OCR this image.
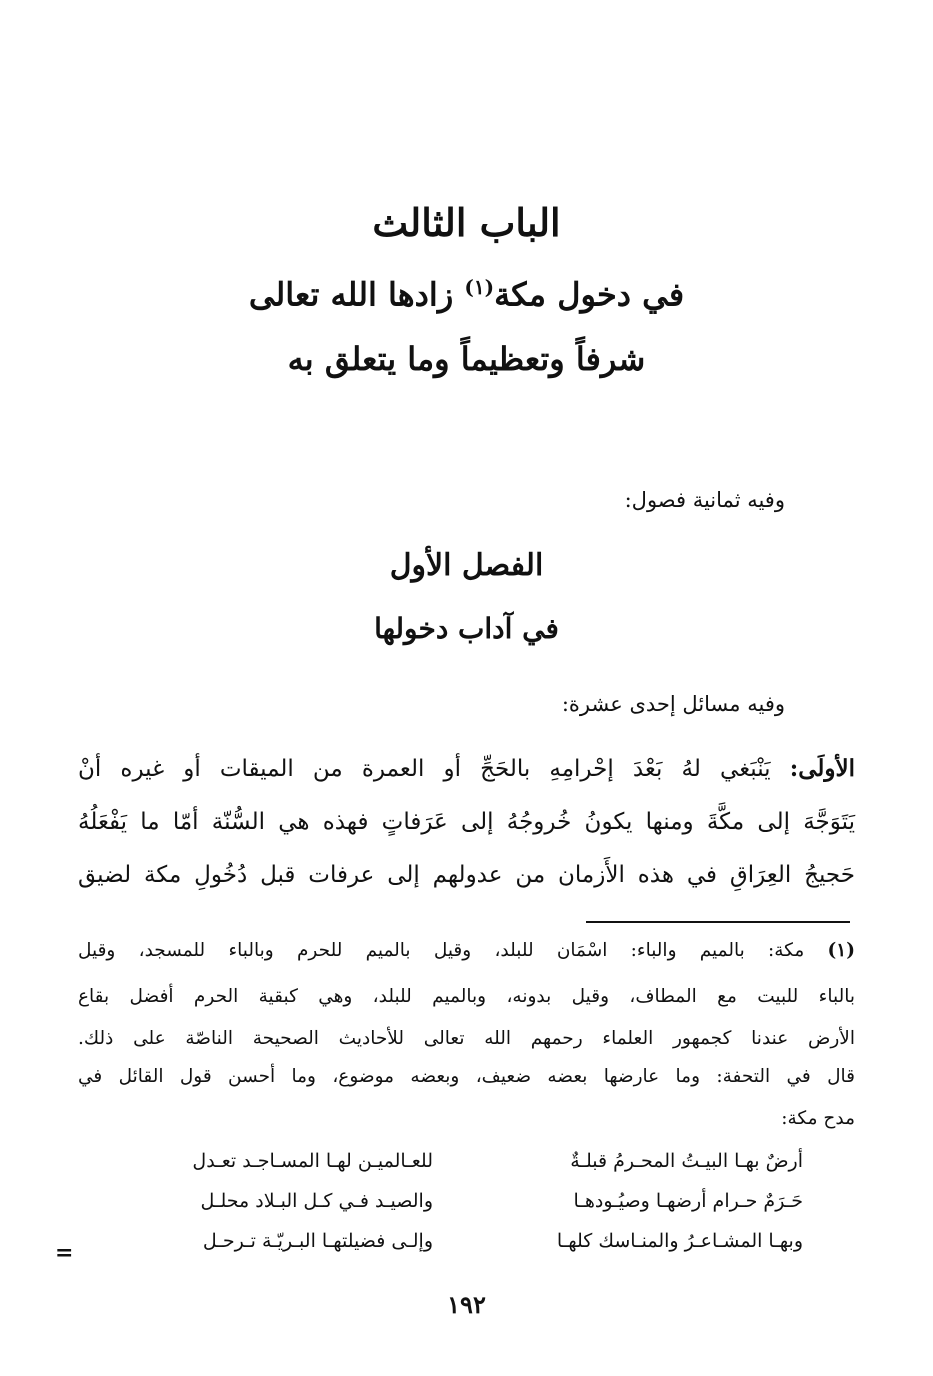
الباب الثالث
في دخول مكة$^{(١)}$ زادها الله تعالى
شرفاً وتعظيماً وما يتعلق به
وفيه ثمانية فصول:
الفصل الأول
في آداب دخولها
وفيه مسائل إحدى عشرة:
الأولَى: يَنْبَغي لهُ بَعْدَ إحْرامِهِ بالحَجِّ أو العمرة من الميقات أو غيره أنْ
يَتَوَجَّهَ إلى مكَّةَ ومنها يكونُ خُروجُهُ إلى عَرَفاتٍ فهذه هي السُّنّة أمّا ما يَفْعَلُهُ
حَجيجُ العِرَاقِ في هذه الأَزمان من عدولهم إلى عرفات قبل دُخُولِ مكة لضيق
(١) مكة: بالميم والباء: اسْمَان للبلد، وقيل بالميم للحرم وبالباء للمسجد، وقيل
بالباء للبيت مع المطاف، وقيل بدونه، وبالميم للبلد، وهي كبقية الحرم أفضل بقاع
الأرض عندنا كجمهور العلماء رحمهم الله تعالى للأحاديث الصحيحة الناصّة على ذلك.
قال في التحفة: وما عارضها بعضه ضعيف، وبعضه موضوع، وما أحسن قول القائل في
مدح مكة:
أرضٌ بهـا البيـتُ المحـرمُ قبلـةٌ
للعـالميـن لهـا المسـاجـد تعـدل
حَـرَمٌ حـرام أرضهـا وصيُـودهـا
والصيـد فـي كـل البـلاد محلـل
وبهـا المشـاعـرُ والمنـاسك كلهـا
وإلـى فضيلتهـا البـريّـة تـرحـل
=
١٩٢
